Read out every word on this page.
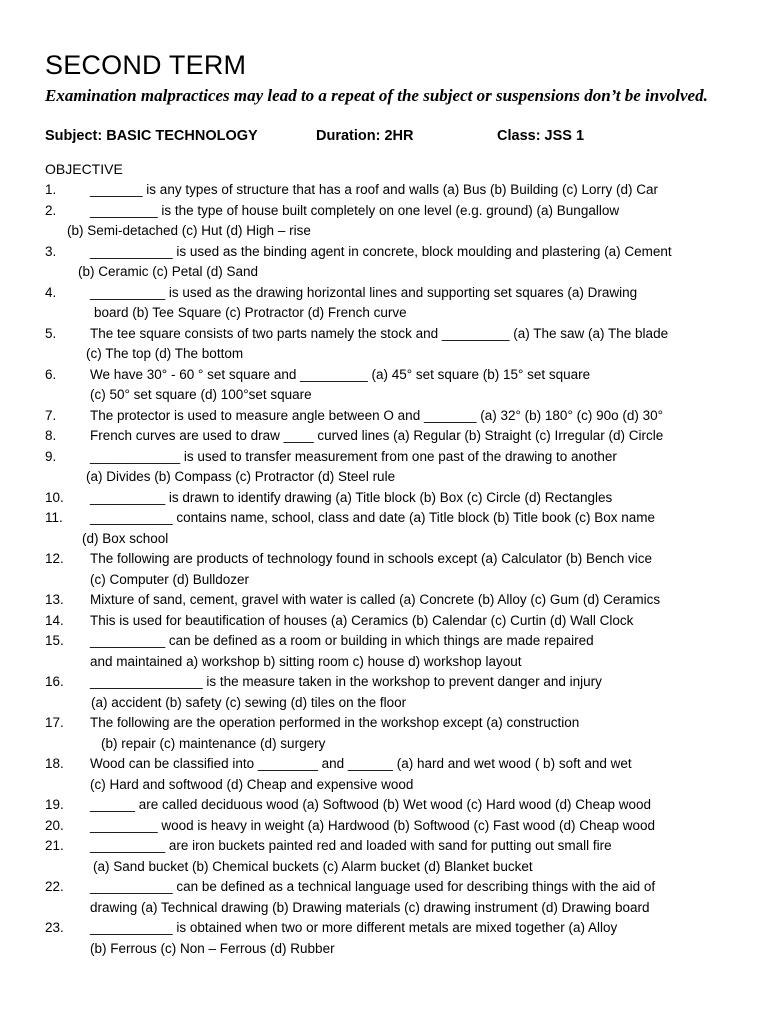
SECOND TERM
Examination malpractices may lead to a repeat of the subject or suspensions don’t be involved.
Subject: BASIC TECHNOLOGY	Duration: 2HR	Class: JSS 1
OBJECTIVE
1.	_______ is any types of structure that has a roof and walls (a) Bus (b) Building (c) Lorry (d) Car
2.	_________ is the type of house built completely on one level (e.g. ground) (a) Bungallow
(b) Semi-detached (c) Hut (d) High – rise
3.	___________ is used as the binding agent in concrete, block moulding and plastering (a) Cement
(b) Ceramic (c) Petal (d) Sand
4.	__________ is used as the drawing horizontal lines and supporting set squares (a) Drawing
board (b) Tee Square (c) Protractor (d) French curve
5.	The tee square consists of two parts namely the stock and _________ (a) The saw (a) The blade
(c) The top (d) The bottom
6.	We have 30° - 60 ° set square and _________ (a) 45° set square (b) 15° set square
(c) 50° set square (d) 100°set square
7.	The protector is used to measure angle between O and _______ (a) 32° (b) 180° (c) 90o (d) 30°
8.	French curves are used to draw ____ curved lines (a) Regular (b) Straight (c) Irregular (d) Circle
9.	____________ is used to transfer measurement from one past of the drawing to another
(a) Divides (b) Compass (c) Protractor (d) Steel rule
10.	__________ is drawn to identify drawing (a) Title block (b) Box (c) Circle (d) Rectangles
11.	___________ contains name, school, class and date (a) Title block (b) Title book (c) Box name
(d) Box school
12.	The following are products of technology found in schools except (a) Calculator (b) Bench vice
(c) Computer (d) Bulldozer
13.	Mixture of sand, cement, gravel with water is called (a) Concrete (b) Alloy (c) Gum (d) Ceramics
14.	This is used for beautification of houses (a) Ceramics (b) Calendar (c) Curtin (d) Wall Clock
15.	__________ can be defined as a room or building in which things are made repaired
and maintained a) workshop b) sitting room c) house d) workshop layout
16.	_______________ is the measure taken in the workshop to prevent danger and injury
(a) accident (b) safety (c) sewing (d) tiles on the floor
17.	The following are the operation performed in the workshop except (a) construction
(b) repair (c) maintenance (d) surgery
18.	Wood can be classified into ________ and ______ (a) hard and wet wood ( b) soft and wet
(c) Hard and softwood (d) Cheap and expensive wood
19.	______ are called deciduous wood (a) Softwood (b) Wet wood (c) Hard wood (d) Cheap wood
20.	_________ wood is heavy in weight (a) Hardwood (b) Softwood (c) Fast wood (d) Cheap wood
21.	__________ are iron buckets painted red and loaded with sand for putting out small fire
(a) Sand bucket (b) Chemical buckets (c) Alarm bucket (d) Blanket bucket
22.	___________ can be defined as a technical language used for describing things with the aid of
drawing (a) Technical drawing (b) Drawing materials (c) drawing instrument (d) Drawing board
23.	___________ is obtained when two or more different metals are mixed together (a) Alloy
(b) Ferrous (c) Non – Ferrous (d) Rubber
